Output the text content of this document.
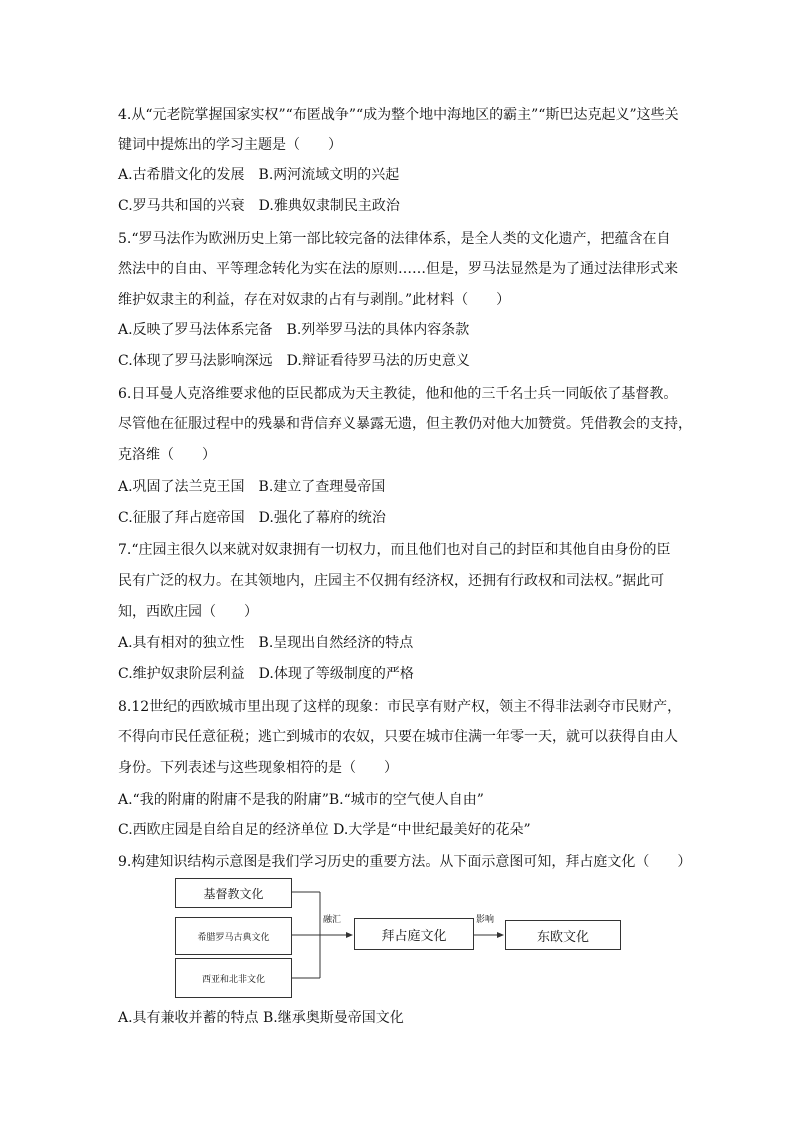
4.从“元老院掌握国家实权”“布匿战争”“成为整个地中海地区的霸主”“斯巴达克起义”这些关
键词中提炼出的学习主题是（　　）
A.古希腊文化的发展　B.两河流域文明的兴起
C.罗马共和国的兴衰　D.雅典奴隶制民主政治
5.“罗马法作为欧洲历史上第一部比较完备的法律体系，是全人类的文化遗产，把蕴含在自
然法中的自由、平等理念转化为实在法的原则……但是，罗马法显然是为了通过法律形式来
维护奴隶主的利益，存在对奴隶的占有与剥削。”此材料（　　）
A.反映了罗马法体系完备　B.列举罗马法的具体内容条款
C.体现了罗马法影响深远　D.辩证看待罗马法的历史意义
6.日耳曼人克洛维要求他的臣民都成为天主教徒，他和他的三千名士兵一同皈依了基督教。
尽管他在征服过程中的残暴和背信弃义暴露无遗，但主教仍对他大加赞赏。凭借教会的支持，
克洛维（　　）
A.巩固了法兰克王国　B.建立了查理曼帝国
C.征服了拜占庭帝国　D.强化了幕府的统治
7.“庄园主很久以来就对奴隶拥有一切权力，而且他们也对自己的封臣和其他自由身份的臣
民有广泛的权力。在其领地内，庄园主不仅拥有经济权，还拥有行政权和司法权。”据此可
知，西欧庄园（　　）
A.具有相对的独立性　B.呈现出自然经济的特点
C.维护奴隶阶层利益　D.体现了等级制度的严格
8.12世纪的西欧城市里出现了这样的现象：市民享有财产权，领主不得非法剥夺市民财产，
不得向市民任意征税；逃亡到城市的农奴，只要在城市住满一年零一天，就可以获得自由人
身份。下列表述与这些现象相符的是（　　）
A.“我的附庸的附庸不是我的附庸”B.“城市的空气使人自由”
C.西欧庄园是自给自足的经济单位 D.大学是“中世纪最美好的花朵”
9.构建知识结构示意图是我们学习历史的重要方法。从下面示意图可知，拜占庭文化（　　）
基督教文化
希腊罗马古典文化
西亚和北非文化
融汇
拜占庭文化
影响
东欧文化
A.具有兼收并蓄的特点 B.继承奥斯曼帝国文化
